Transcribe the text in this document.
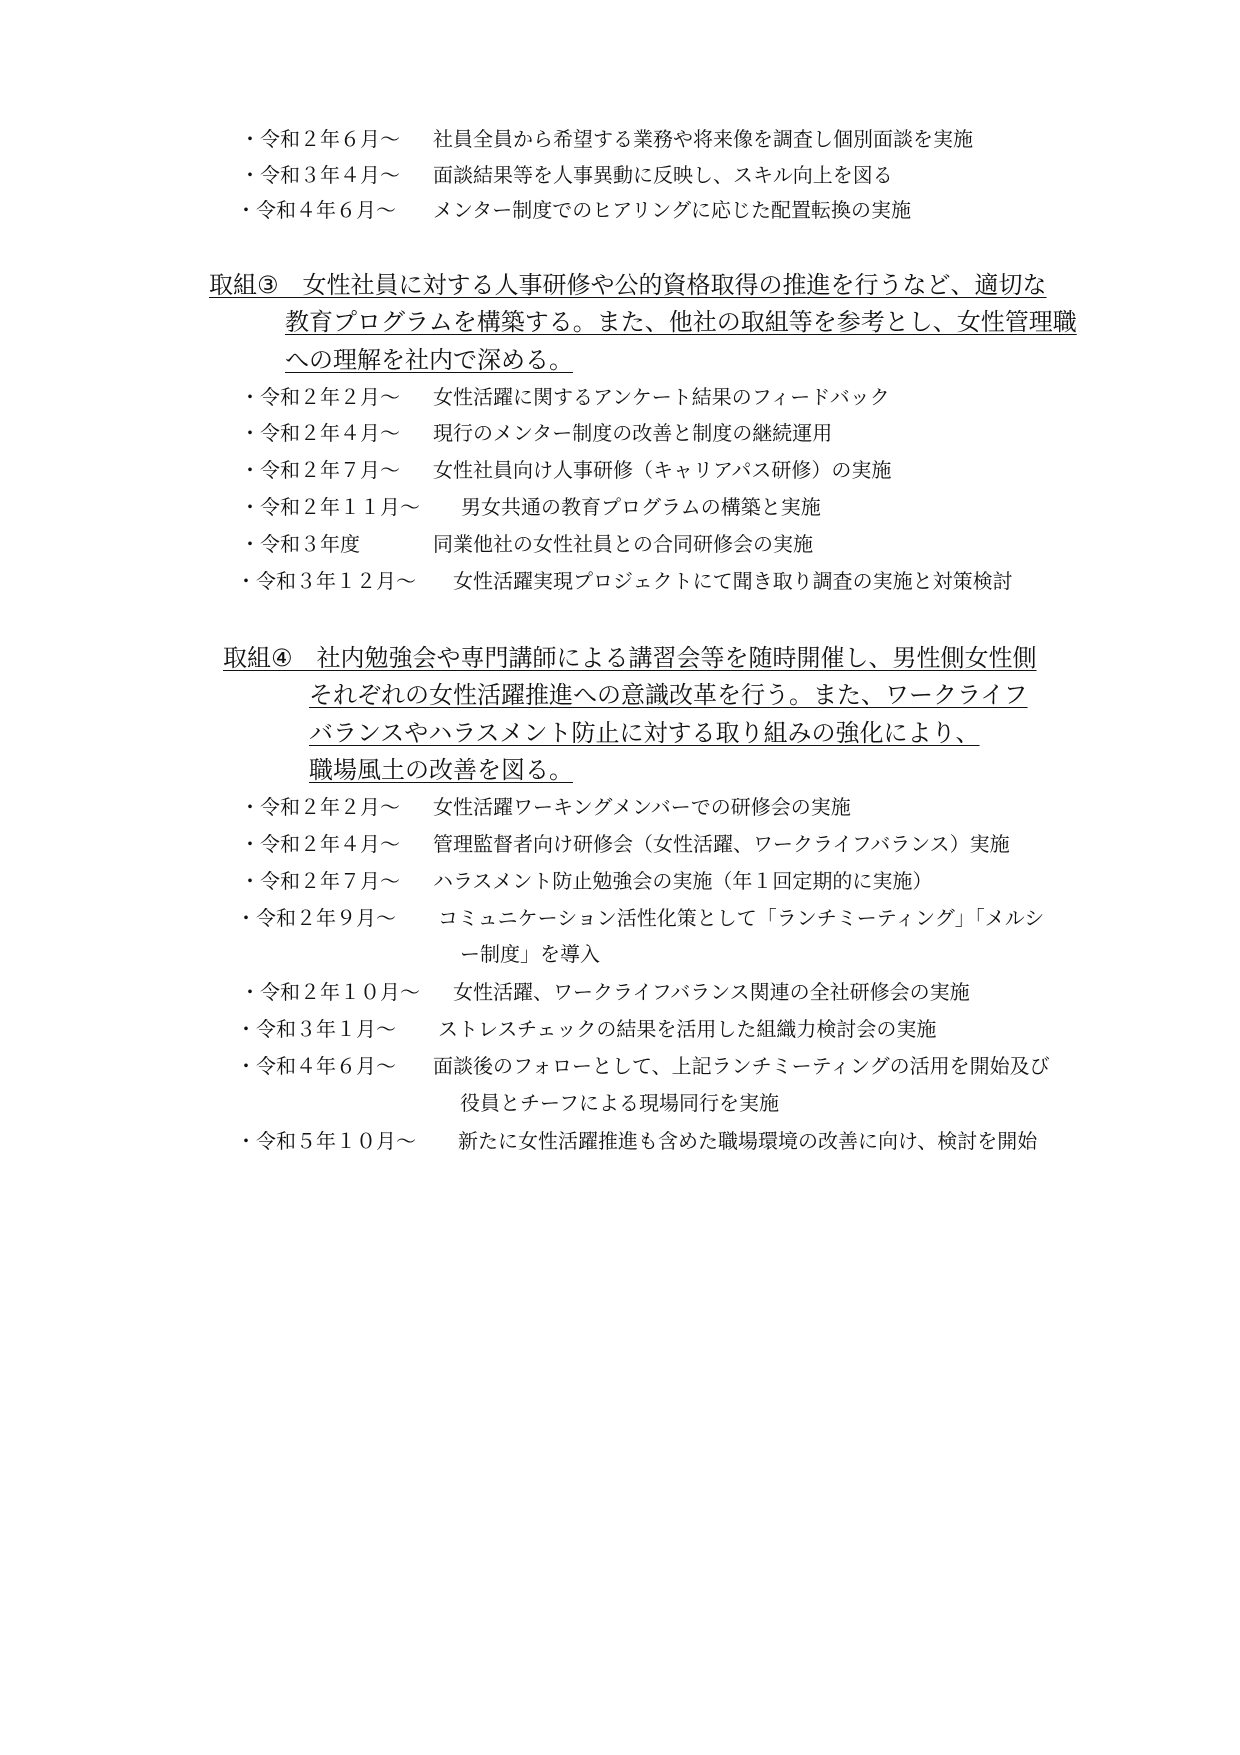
・令和２年６月～ 社員全員から希望する業務や将来像を調査し個別面談を実施
・令和３年４月～ 面談結果等を人事異動に反映し、スキル向上を図る
・令和４年６月～ メンター制度でのヒアリングに応じた配置転換の実施
取組③　女性社員に対する人事研修や公的資格取得の推進を行うなど、適切な
教育プログラムを構築する。また、他社の取組等を参考とし、女性管理職
への理解を社内で深める。
・令和２年２月～ 女性活躍に関するアンケート結果のフィードバック
・令和２年４月～ 現行のメンター制度の改善と制度の継続運用
・令和２年７月～ 女性社員向け人事研修（キャリアパス研修）の実施
・令和２年１１月～ 男女共通の教育プログラムの構築と実施
・令和３年度	同業他社の女性社員との合同研修会の実施
・令和３年１２月～ 女性活躍実現プロジェクトにて聞き取り調査の実施と対策検討
取組④　社内勉強会や専門講師による講習会等を随時開催し、男性側女性側
それぞれの女性活躍推進への意識改革を行う。また、ワークライフ
バランスやハラスメント防止に対する取り組みの強化により、
職場風土の改善を図る。
・令和２年２月～ 女性活躍ワーキングメンバーでの研修会の実施
・令和２年４月～ 管理監督者向け研修会（女性活躍、ワークライフバランス）実施
・令和２年７月～ ハラスメント防止勉強会の実施（年１回定期的に実施）
・令和２年９月～ コミュニケーション活性化策として「ランチミーティング」「メルシ
ー制度」を導入
・令和２年１０月～ 女性活躍、ワークライフバランス関連の全社研修会の実施
・令和３年１月～ ストレスチェックの結果を活用した組織力検討会の実施
・令和４年６月～ 面談後のフォローとして、上記ランチミーティングの活用を開始及び
役員とチーフによる現場同行を実施
・令和５年１０月～ 新たに女性活躍推進も含めた職場環境の改善に向け、検討を開始
